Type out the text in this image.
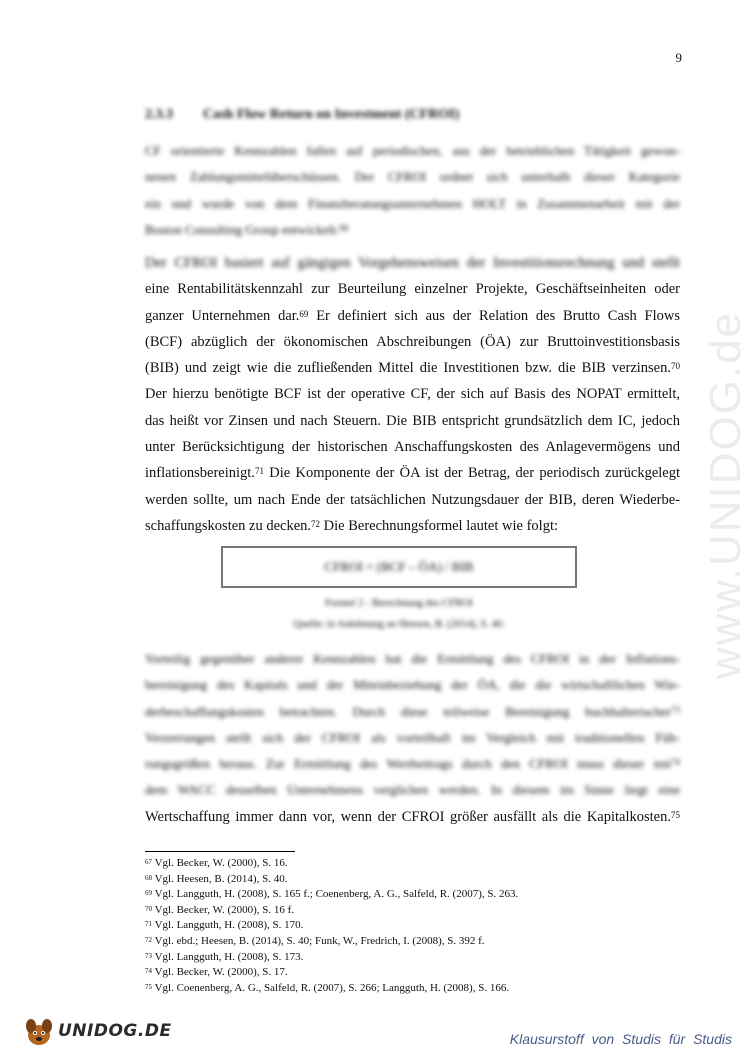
9
2.3.3 Cash Flow Return on Investment (CFROI)
CF orientierte Kennzahlen fallen auf periodischen, aus der betrieblichen Tätigkeit gewon-
nenen Zahlungsmittelüberschüssen. Der CFROI ordnet sich unterhalb dieser Kategorie
ein und wurde von dem Finanzberatungsunternehmen HOLT in Zusammenarbeit mit der
Boston Consulting Group entwickelt.$^{68}$
Der CFROI basiert auf gängigen Vorgehensweisen der Investitionsrechnung und stellt
eine Rentabilitätskennzahl zur Beurteilung einzelner Projekte, Geschäftseinheiten oder
ganzer Unternehmen dar.$^{69}$ Er definiert sich aus der Relation des Brutto Cash Flows
(BCF) abzüglich der ökonomischen Abschreibungen (ÖA) zur Bruttoinvestitionsbasis
(BIB) und zeigt wie die zufließenden Mittel die Investitionen bzw. die BIB verzinsen.$^{70}$
Der hierzu benötigte BCF ist der operative CF, der sich auf Basis des NOPAT ermittelt,
das heißt vor Zinsen und nach Steuern. Die BIB entspricht grundsätzlich dem IC, jedoch
unter Berücksichtigung der historischen Anschaffungskosten des Anlagevermögens und
inflationsbereinigt.$^{71}$ Die Komponente der ÖA ist der Betrag, der periodisch zurückgelegt
werden sollte, um nach Ende der tatsächlichen Nutzungsdauer der BIB, deren Wiederbe-
schaffungskosten zu decken.$^{72}$ Die Berechnungsformel lautet wie folgt:
CFROI = (BCF – ÖA) / BIB
Formel 2 - Berechnung des CFROI
Quelle: in Anlehnung an Heesen, B. (2014), S. 40.
Vorteilig gegenüber anderer Kennzahlen hat die Ermittlung des CFROI in der Inflations-
bereinigung des Kapitals und der Miteinbeziehung der ÖA, die die wirtschaftlichen Wie-
derbeschaffungskosten betrachten. Durch diese teilweise Bereinigung buchhalterischer$^{73}$
Verzerrungen stellt sich der CFROI als vorteilhaft im Vergleich mit traditionellen Füh-
rungsgrößen heraus. Zur Ermittlung des Wertbeitrags durch den CFROI muss dieser mit$^{74}$
dem WACC desselben Unternehmens verglichen werden. In diesem im Sinne liegt eine
Wertschaffung immer dann vor, wenn der CFROI größer ausfällt als die Kapitalkosten.$^{75}$
$^{67}$ Vgl. Becker, W. (2000), S. 16.
$^{68}$ Vgl. Heesen, B. (2014), S. 40.
$^{69}$ Vgl. Langguth, H. (2008), S. 165 f.; Coenenberg, A. G., Salfeld, R. (2007), S. 263.
$^{70}$ Vgl. Becker, W. (2000), S. 16 f.
$^{71}$ Vgl. Langguth, H. (2008), S. 170.
$^{72}$ Vgl. ebd.; Heesen, B. (2014), S. 40; Funk, W., Fredrich, I. (2008), S. 392 f.
$^{73}$ Vgl. Langguth, H. (2008), S. 173.
$^{74}$ Vgl. Becker, W. (2000), S. 17.
$^{75}$ Vgl. Coenenberg, A. G., Salfeld, R. (2007), S. 266; Langguth, H. (2008), S. 166.
www.UNIDOG.de
UNIDOG.DE	Klausurstoff von Studis für Studis
